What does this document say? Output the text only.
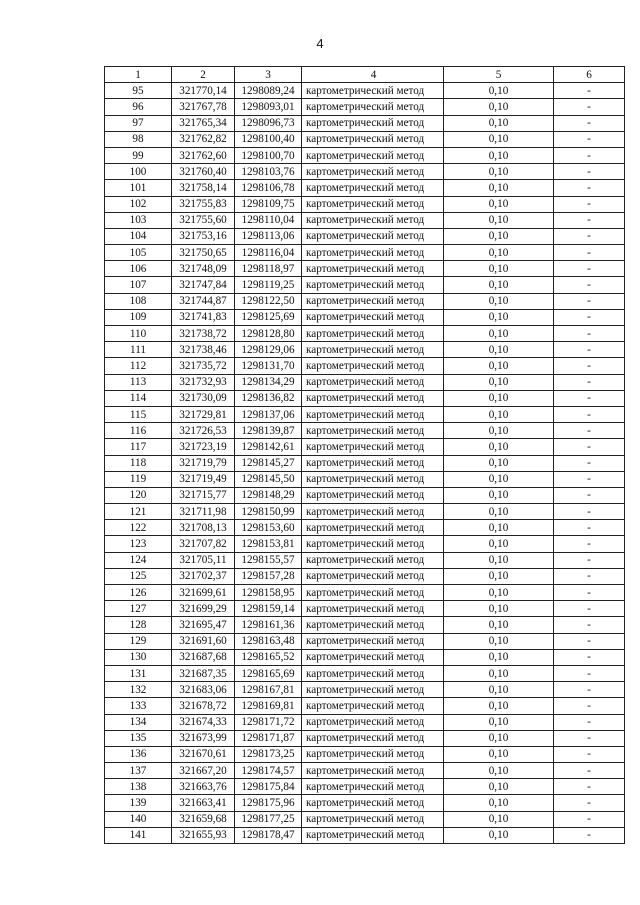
4
1	2	3	4	5	6
95	321770,14	1298089,24	картометрический метод	0,10	-
96	321767,78	1298093,01	картометрический метод	0,10	-
97	321765,34	1298096,73	картометрический метод	0,10	-
98	321762,82	1298100,40	картометрический метод	0,10	-
99	321762,60	1298100,70	картометрический метод	0,10	-
100	321760,40	1298103,76	картометрический метод	0,10	-
101	321758,14	1298106,78	картометрический метод	0,10	-
102	321755,83	1298109,75	картометрический метод	0,10	-
103	321755,60	1298110,04	картометрический метод	0,10	-
104	321753,16	1298113,06	картометрический метод	0,10	-
105	321750,65	1298116,04	картометрический метод	0,10	-
106	321748,09	1298118,97	картометрический метод	0,10	-
107	321747,84	1298119,25	картометрический метод	0,10	-
108	321744,87	1298122,50	картометрический метод	0,10	-
109	321741,83	1298125,69	картометрический метод	0,10	-
110	321738,72	1298128,80	картометрический метод	0,10	-
111	321738,46	1298129,06	картометрический метод	0,10	-
112	321735,72	1298131,70	картометрический метод	0,10	-
113	321732,93	1298134,29	картометрический метод	0,10	-
114	321730,09	1298136,82	картометрический метод	0,10	-
115	321729,81	1298137,06	картометрический метод	0,10	-
116	321726,53	1298139,87	картометрический метод	0,10	-
117	321723,19	1298142,61	картометрический метод	0,10	-
118	321719,79	1298145,27	картометрический метод	0,10	-
119	321719,49	1298145,50	картометрический метод	0,10	-
120	321715,77	1298148,29	картометрический метод	0,10	-
121	321711,98	1298150,99	картометрический метод	0,10	-
122	321708,13	1298153,60	картометрический метод	0,10	-
123	321707,82	1298153,81	картометрический метод	0,10	-
124	321705,11	1298155,57	картометрический метод	0,10	-
125	321702,37	1298157,28	картометрический метод	0,10	-
126	321699,61	1298158,95	картометрический метод	0,10	-
127	321699,29	1298159,14	картометрический метод	0,10	-
128	321695,47	1298161,36	картометрический метод	0,10	-
129	321691,60	1298163,48	картометрический метод	0,10	-
130	321687,68	1298165,52	картометрический метод	0,10	-
131	321687,35	1298165,69	картометрический метод	0,10	-
132	321683,06	1298167,81	картометрический метод	0,10	-
133	321678,72	1298169,81	картометрический метод	0,10	-
134	321674,33	1298171,72	картометрический метод	0,10	-
135	321673,99	1298171,87	картометрический метод	0,10	-
136	321670,61	1298173,25	картометрический метод	0,10	-
137	321667,20	1298174,57	картометрический метод	0,10	-
138	321663,76	1298175,84	картометрический метод	0,10	-
139	321663,41	1298175,96	картометрический метод	0,10	-
140	321659,68	1298177,25	картометрический метод	0,10	-
141	321655,93	1298178,47	картометрический метод	0,10	-
